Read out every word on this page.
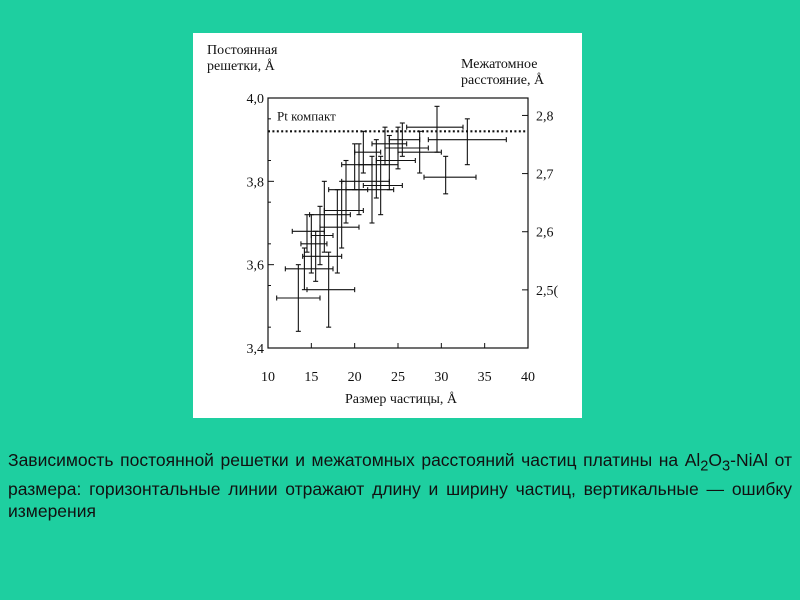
Pt компакт
10 15 20 25 30 35 40
3,4
3,6
3,8
4,0
2,5(
2,6
2,7
2,8
Постоянная
решетки, Å	Межатомное
расстояние, Å
Размер частицы, Å
Зависимость постоянной решетки и межатомных расстояний частиц платины на $Al_2O_3$-NiAl от размера: горизонтальные линии отражают длину и ширину частиц, вертикальные — ошибку измерения
